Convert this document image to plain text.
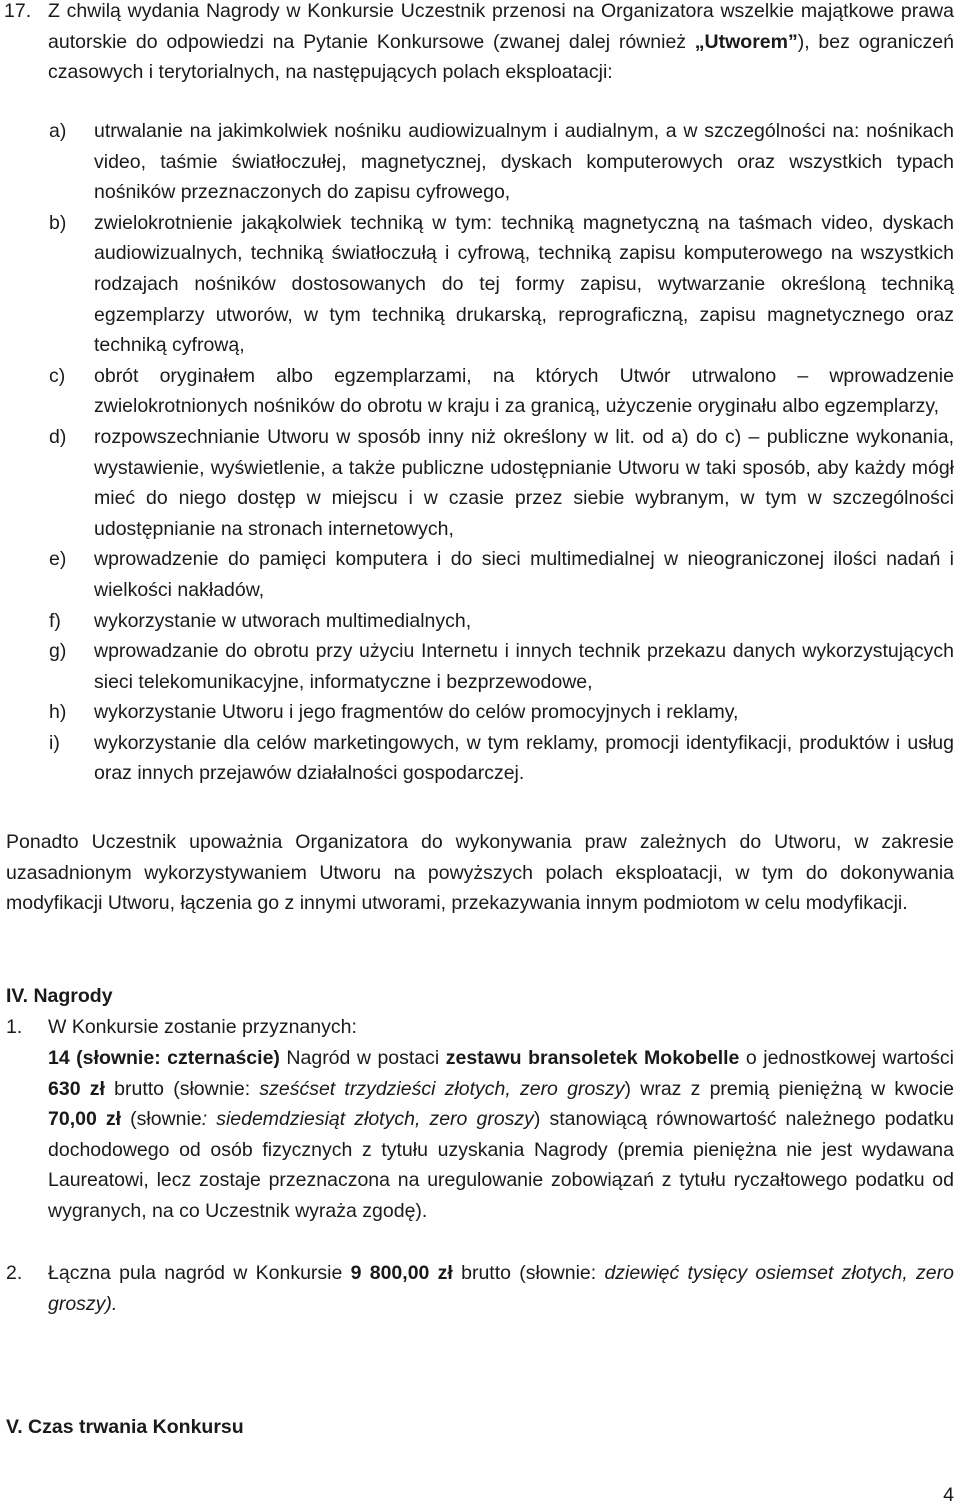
17. Z chwilą wydania Nagrody w Konkursie Uczestnik przenosi na Organizatora wszelkie majątkowe prawa autorskie do odpowiedzi na Pytanie Konkursowe (zwanej dalej również „Utworem”), bez ograniczeń czasowych i terytorialnych, na następujących polach eksploatacji:
a) utrwalanie na jakimkolwiek nośniku audiowizualnym i audialnym, a w szczególności na: nośnikach video, taśmie światłoczułej, magnetycznej, dyskach komputerowych oraz wszystkich typach nośników przeznaczonych do zapisu cyfrowego,
b) zwielokrotnienie jakąkolwiek techniką w tym: techniką magnetyczną na taśmach video, dyskach audiowizualnych, techniką światłoczułą i cyfrową, techniką zapisu komputerowego na wszystkich rodzajach nośników dostosowanych do tej formy zapisu, wytwarzanie określoną techniką egzemplarzy utworów, w tym techniką drukarską, reprograficzną, zapisu magnetycznego oraz techniką cyfrową,
c) obrót oryginałem albo egzemplarzami, na których Utwór utrwalono – wprowadzenie zwielokrotnionych nośników do obrotu w kraju i za granicą, użyczenie oryginału albo egzemplarzy,
d) rozpowszechnianie Utworu w sposób inny niż określony w lit. od a) do c) – publiczne wykonania, wystawienie, wyświetlenie, a także publiczne udostępnianie Utworu w taki sposób, aby każdy mógł mieć do niego dostęp w miejscu i w czasie przez siebie wybranym, w tym w szczególności udostępnianie na stronach internetowych,
e) wprowadzenie do pamięci komputera i do sieci multimedialnej w nieograniczonej ilości nadań i wielkości nakładów,
f) wykorzystanie w utworach multimedialnych,
g) wprowadzanie do obrotu przy użyciu Internetu i innych technik przekazu danych wykorzystujących sieci telekomunikacyjne, informatyczne i bezprzewodowe,
h) wykorzystanie Utworu i jego fragmentów do celów promocyjnych i reklamy,
i) wykorzystanie dla celów marketingowych, w tym reklamy, promocji identyfikacji, produktów i usług oraz innych przejawów działalności gospodarczej.
Ponadto Uczestnik upoważnia Organizatora do wykonywania praw zależnych do Utworu, w zakresie uzasadnionym wykorzystywaniem Utworu na powyższych polach eksploatacji, w tym do dokonywania modyfikacji Utworu, łączenia go z innymi utworami, przekazywania innym podmiotom w celu modyfikacji.
IV. Nagrody
1. W Konkursie zostanie przyznanych:
14 (słownie: czternaście) Nagród w postaci zestawu bransoletek Mokobelle o jednostkowej wartości 630 zł brutto (słownie: sześćset trzydzieści złotych, zero groszy) wraz z premią pieniężną w kwocie 70,00 zł (słownie: siedemdziesiąt złotych, zero groszy) stanowiącą równowartość należnego podatku dochodowego od osób fizycznych z tytułu uzyskania Nagrody (premia pieniężna nie jest wydawana Laureatowi, lecz zostaje przeznaczona na uregulowanie zobowiązań z tytułu ryczałtowego podatku od wygranych, na co Uczestnik wyraża zgodę).
2. Łączna pula nagród w Konkursie 9 800,00 zł brutto (słownie: dziewięć tysięcy osiemset złotych, zero groszy).
V. Czas trwania Konkursu
4
